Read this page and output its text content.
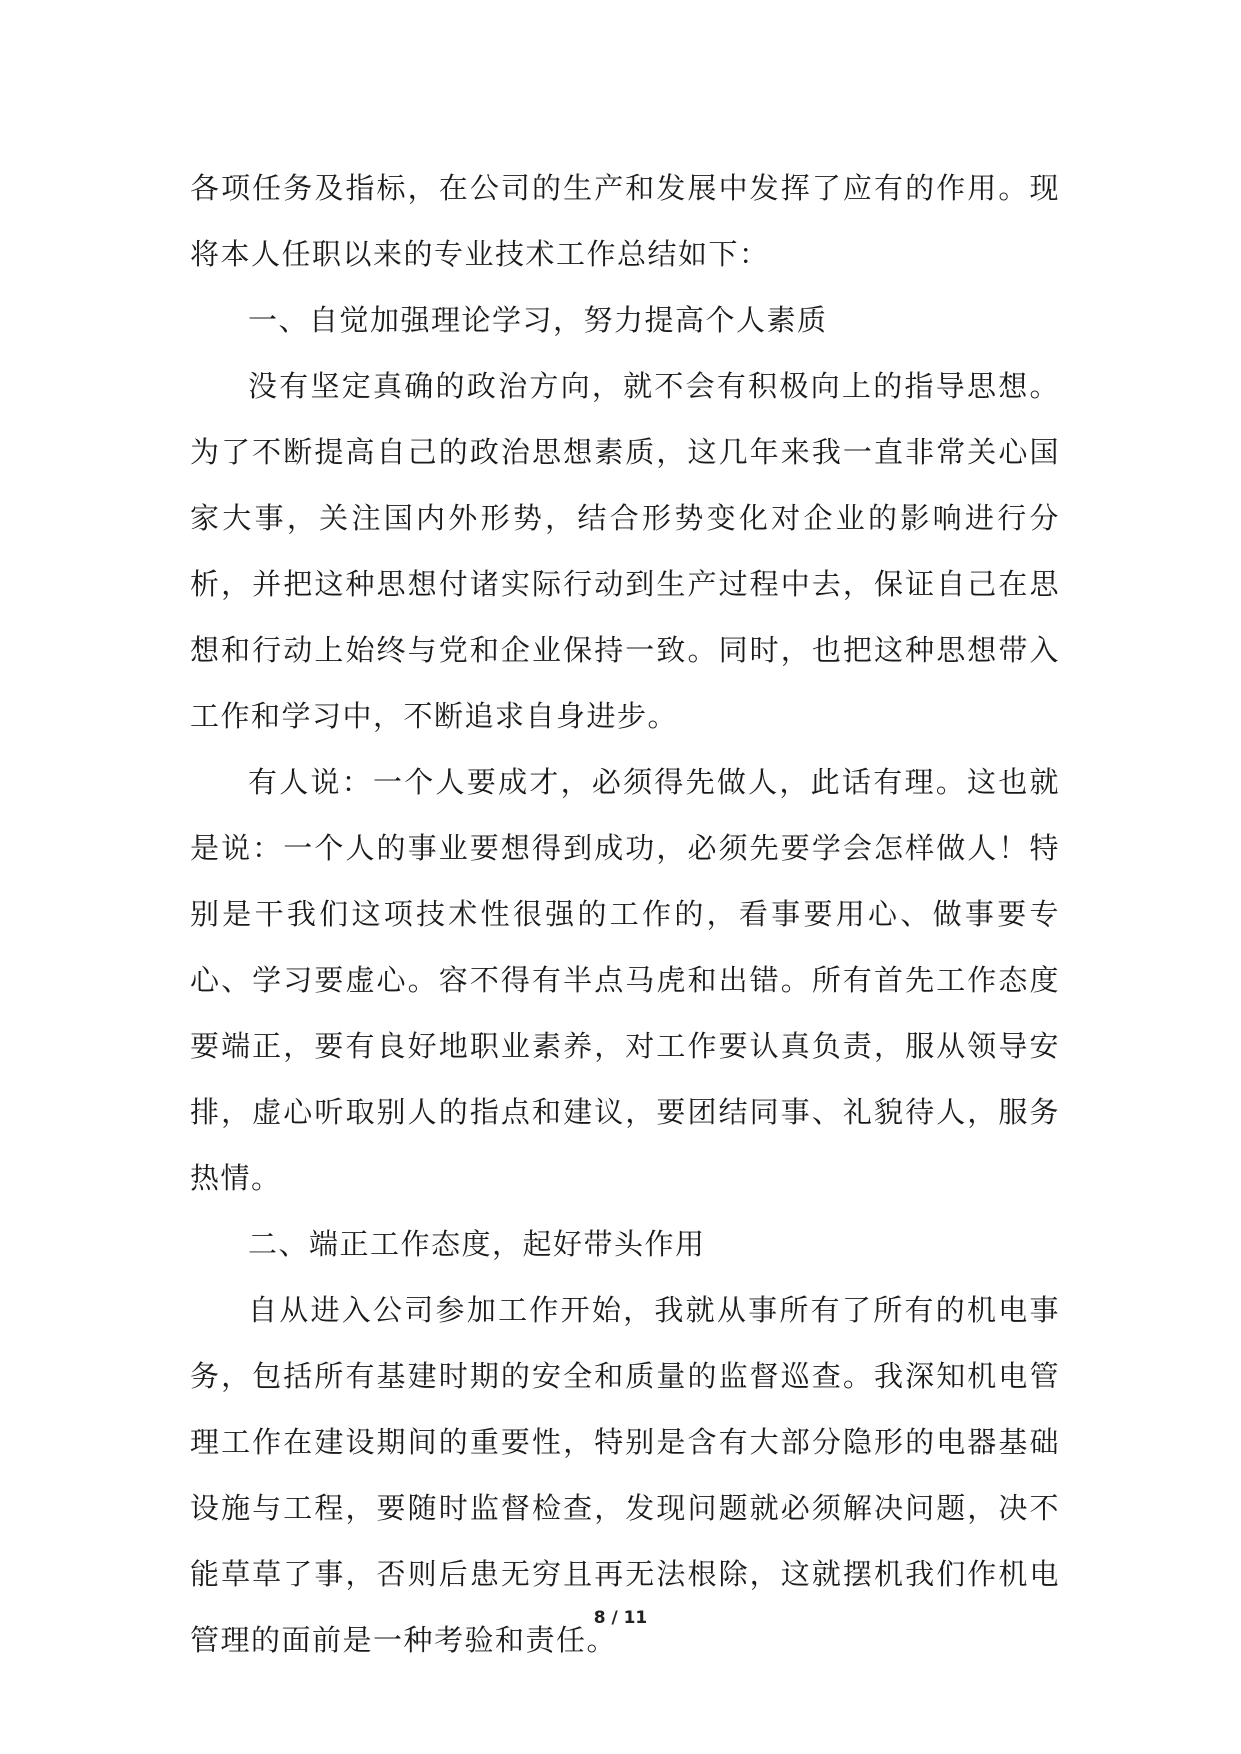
各项任务及指标，在公司的生产和发展中发挥了应有的作用。现将本人任职以来的专业技术工作总结如下：

一、自觉加强理论学习，努力提高个人素质

没有坚定真确的政治方向，就不会有积极向上的指导思想。为了不断提高自己的政治思想素质，这几年来我一直非常关心国家大事，关注国内外形势，结合形势变化对企业的影响进行分析，并把这种思想付诸实际行动到生产过程中去，保证自己在思想和行动上始终与党和企业保持一致。同时，也把这种思想带入工作和学习中，不断追求自身进步。

有人说：一个人要成才，必须得先做人，此话有理。这也就是说：一个人的事业要想得到成功，必须先要学会怎样做人！特别是干我们这项技术性很强的工作的，看事要用心、做事要专心、学习要虚心。容不得有半点马虎和出错。所有首先工作态度要端正，要有良好地职业素养，对工作要认真负责，服从领导安排，虚心听取别人的指点和建议，要团结同事、礼貌待人，服务热情。

二、端正工作态度，起好带头作用

自从进入公司参加工作开始，我就从事所有了所有的机电事务，包括所有基建时期的安全和质量的监督巡查。我深知机电管理工作在建设期间的重要性，特别是含有大部分隐形的电器基础设施与工程，要随时监督检查，发现问题就必须解决问题，决不能草草了事，否则后患无穷且再无法根除，这就摆机我们作机电管理的面前是一种考验和责任。

8 / 11
